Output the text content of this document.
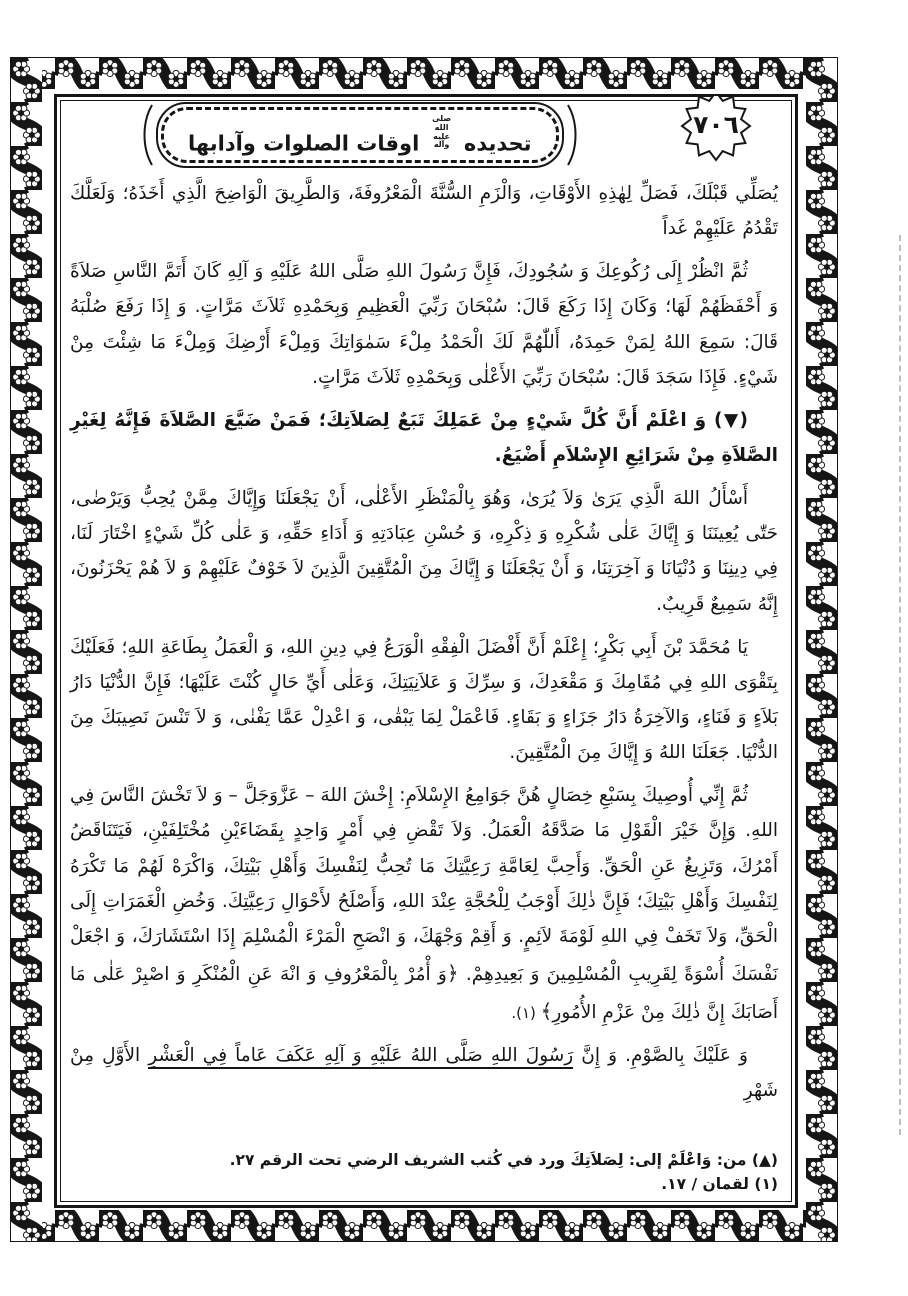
تحديده صلى الله عليه وآله اوقات الصلوات وآدابها
٧٠٦

يُصَلِّي قَبْلَكَ، فَصَلِّ لِهٰذِهِ الأَوْقَاتِ، وَالْزَمِ السُّنَّةَ الْمَعْرُوفَةَ، وَالطَّرِيقَ الْوَاضِحَ الَّذِي أَخَذَهُ؛ وَلَعَلَّكَ تَقْدُمُ عَلَيْهِمْ غَداً

ثُمَّ انْظُرْ إِلَى رُكُوعِكَ وَ سُجُودِكَ، فَإِنَّ رَسُولَ اللهِ صَلَّى اللهُ عَلَيْهِ وَ آلِهِ كَانَ أَتَمَّ النَّاسِ صَلاَةً وَ أَحْفَظَهُمْ لَهَا؛ وَكَانَ إِذَا رَكَعَ قَالَ: سُبْحَانَ رَبِّيَ الْعَظِيمِ وَبِحَمْدِهِ ثَلاَثَ مَرَّاتٍ. وَ إِذَا رَفَعَ صُلْبَهُ قَالَ: سَمِعَ اللهُ لِمَنْ حَمِدَهُ، أَللّٰهُمَّ لَكَ الْحَمْدُ مِلْءَ سَمٰوَاتِكَ وَمِلْءَ أَرْضِكَ وَمِلْءَ مَا شِئْتَ مِنْ شَيْءٍ. فَإِذَا سَجَدَ قَالَ: سُبْحَانَ رَبِّيَ الأَعْلٰى وَبِحَمْدِهِ ثَلاَثَ مَرَّاتٍ.

(▼) وَ اعْلَمْ أَنَّ كُلَّ شَيْءٍ مِنْ عَمَلِكَ تَبَعٌ لِصَلاَتِكَ؛ فَمَنْ ضَيَّعَ الصَّلاَةَ فَإِنَّهُ لِغَيْرِ الصَّلاَةِ مِنْ شَرَائِعِ الإِسْلاَمِ أَضْيَعُ.

أَسْأَلُ اللهَ الَّذِي يَرَىٰ وَلاَ يُرَىٰ، وَهُوَ بِالْمَنْظَرِ الأَعْلٰى، أَنْ يَجْعَلَنَا وَإِيَّاكَ مِمَّنْ يُحِبُّ وَيَرْضٰى، حَتّٰى يُعِينَنَا وَ إِيَّاكَ عَلٰى شُكْرِهِ وَ ذِكْرِهِ، وَ حُسْنِ عِبَادَتِهِ وَ أَدَاءِ حَقِّهِ، وَ عَلٰى كُلِّ شَيْءٍ اخْتَارَ لَنَا، فِي دِينِنَا وَ دُنْيَانَا وَ آخِرَتِنَا، وَ أَنْ يَجْعَلَنَا وَ إِيَّاكَ مِنَ الْمُتَّقِينَ الَّذِينَ لاَ خَوْفٌ عَلَيْهِمْ وَ لاَ هُمْ يَحْزَنُونَ، إِنَّهُ سَمِيعٌ قَرِيبٌ.

يَا مُحَمَّدَ بْنَ أَبِي بَكْرٍ؛ إِعْلَمْ أَنَّ أَفْضَلَ الْفِقْهِ الْوَرَعُ فِي دِينِ اللهِ، وَ الْعَمَلُ بِطَاعَةِ اللهِ؛ فَعَلَيْكَ بِتَقْوَى اللهِ فِي مُقَامِكَ وَ مَقْعَدِكَ، وَ سِرِّكَ وَ عَلاَنِيَتِكَ، وَعَلٰى أَيِّ حَالٍ كُنْتَ عَلَيْهَا؛ فَإِنَّ الدُّنْيَا دَارُ بَلاَءٍ وَ فَنَاءٍ، وَالآخِرَةُ دَارُ جَزَاءٍ وَ بَقَاءٍ. فَاعْمَلْ لِمَا يَبْقٰى، وَ اعْدِلْ عَمَّا يَفْنٰى، وَ لاَ تَنْسَ نَصِيبَكَ مِنَ الدُّنْيَا. جَعَلَنَا اللهُ وَ إِيَّاكَ مِنَ الْمُتَّقِينَ.

ثُمَّ إِنِّي أُوصِيكَ بِسَبْعِ خِصَالٍ هُنَّ جَوَامِعُ الإِسْلاَمِ: إِخْشَ اللهَ – عَزَّوَجَلَّ – وَ لاَ تَخْشَ النَّاسَ فِي اللهِ. وَإِنَّ خَيْرَ الْقَوْلِ مَا صَدَّقَهُ الْعَمَلُ. وَلاَ تَقْضِ فِي أَمْرٍ وَاحِدٍ بِقَضَاءَيْنِ مُخْتَلِفَيْنِ، فَيَتَنَاقَضُ أَمْرُكَ، وَتَزِيغُ عَنِ الْحَقِّ. وَأَحِبَّ لِعَامَّةِ رَعِيَّتِكَ مَا تُحِبُّ لِنَفْسِكَ وَأَهْلِ بَيْتِكَ، وَاكْرَهْ لَهُمْ مَا تَكْرَهُ لِنَفْسِكَ وَأَهْلِ بَيْتِكَ؛ فَإِنَّ ذٰلِكَ أَوْجَبُ لِلْحُجَّةِ عِنْدَ اللهِ، وَأَصْلَحُ لأَحْوَالِ رَعِيَّتِكَ. وَخُضِ الْغَمَرَاتِ إِلَى الْحَقِّ، وَلاَ تَخَفْ فِي اللهِ لَوْمَةَ لاَئِمٍ. وَ أَقِمْ وَجْهَكَ، وَ انْصَحِ الْمَرْءَ الْمُسْلِمَ إِذَا اسْتَشَارَكَ، وَ اجْعَلْ نَفْسَكَ أُسْوَةً لِقَرِيبِ الْمُسْلِمِينَ وَ بَعِيدِهِمْ. ﴿وَ أْمُرْ بِالْمَعْرُوفِ وَ انْهَ عَنِ الْمُنْكَرِ وَ اصْبِرْ عَلٰى مَا أَصَابَكَ إِنَّ ذٰلِكَ مِنْ عَزْمِ الأُمُورِ﴾ (١).

وَ عَلَيْكَ بِالصَّوْمِ. وَ إِنَّ رَسُولَ اللهِ صَلَّى اللهُ عَلَيْهِ وَ آلِهِ عَكَفَ عَاماً فِي الْعَشْرِ الأَوَّلِ مِنْ شَهْرِ

(▲) من: وَاعْلَمْ إلى: لِصَلاَتِكَ ورد في كُتب الشريف الرضي تحت الرقم ٢٧.
(١) لقمان / ١٧.
